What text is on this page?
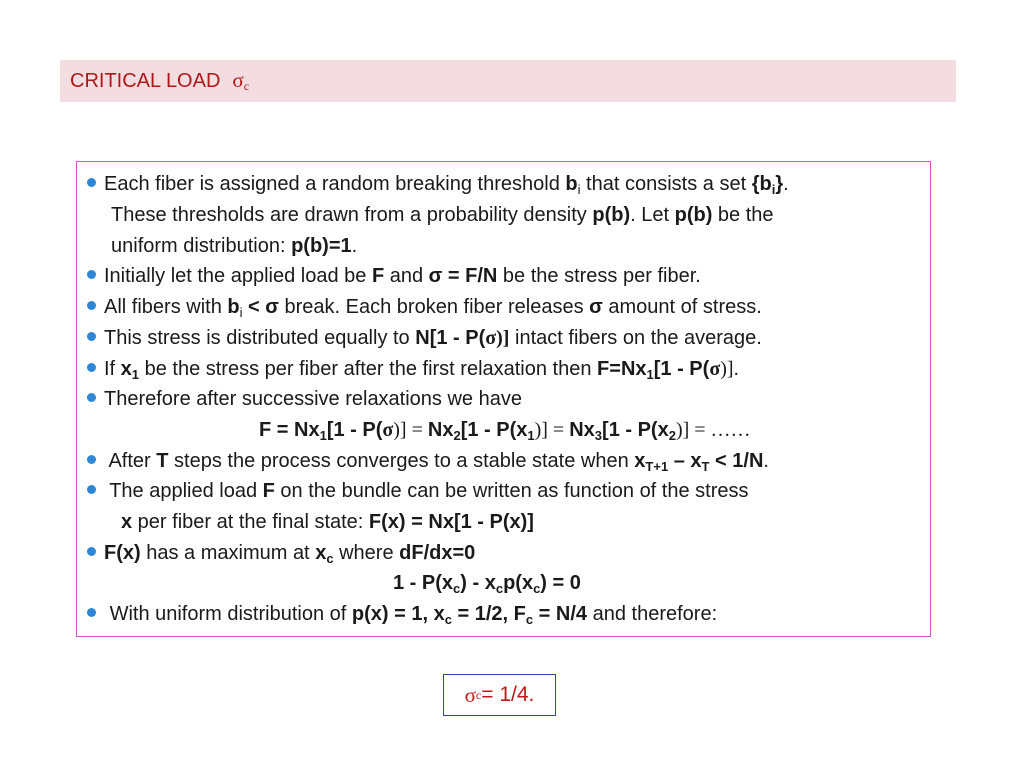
CRITICAL LOAD $\sigma_c$
Each fiber is assigned a random breaking threshold $b_i$ that consists a set $\{b_i\}$.
These thresholds are drawn from a probability density p(b). Let p(b) be the
uniform distribution: p(b)=1.
Initially let the applied load be F and σ = F/N be the stress per fiber.
All fibers with $b_i < \sigma$ break. Each broken fiber releases σ amount of stress.
This stress is distributed equally to N[1 - P(σ)] intact fibers on the average.
If $x_1$ be the stress per fiber after the first relaxation then $F=Nx_1[1 - P(\sigma)]$.
Therefore after successive relaxations we have
$F = Nx_1[1 - P(\sigma)] = Nx_2[1 - P(x_1)] = Nx_3[1 - P(x_2)]$ = ……
After T steps the process converges to a stable state when $x_{T+1} - x_T < 1/N$.
The applied load F on the bundle can be written as function of the stress
x per fiber at the final state: F(x) = Nx[1 - P(x)]
F(x) has a maximum at $x_c$ where dF/dx=0
$1 - P(x_c) - x_cp(x_c) = 0$
With uniform distribution of p(x) = 1, $x_c = 1/2$, $F_c = N/4$ and therefore:
σ c = 1/4.
